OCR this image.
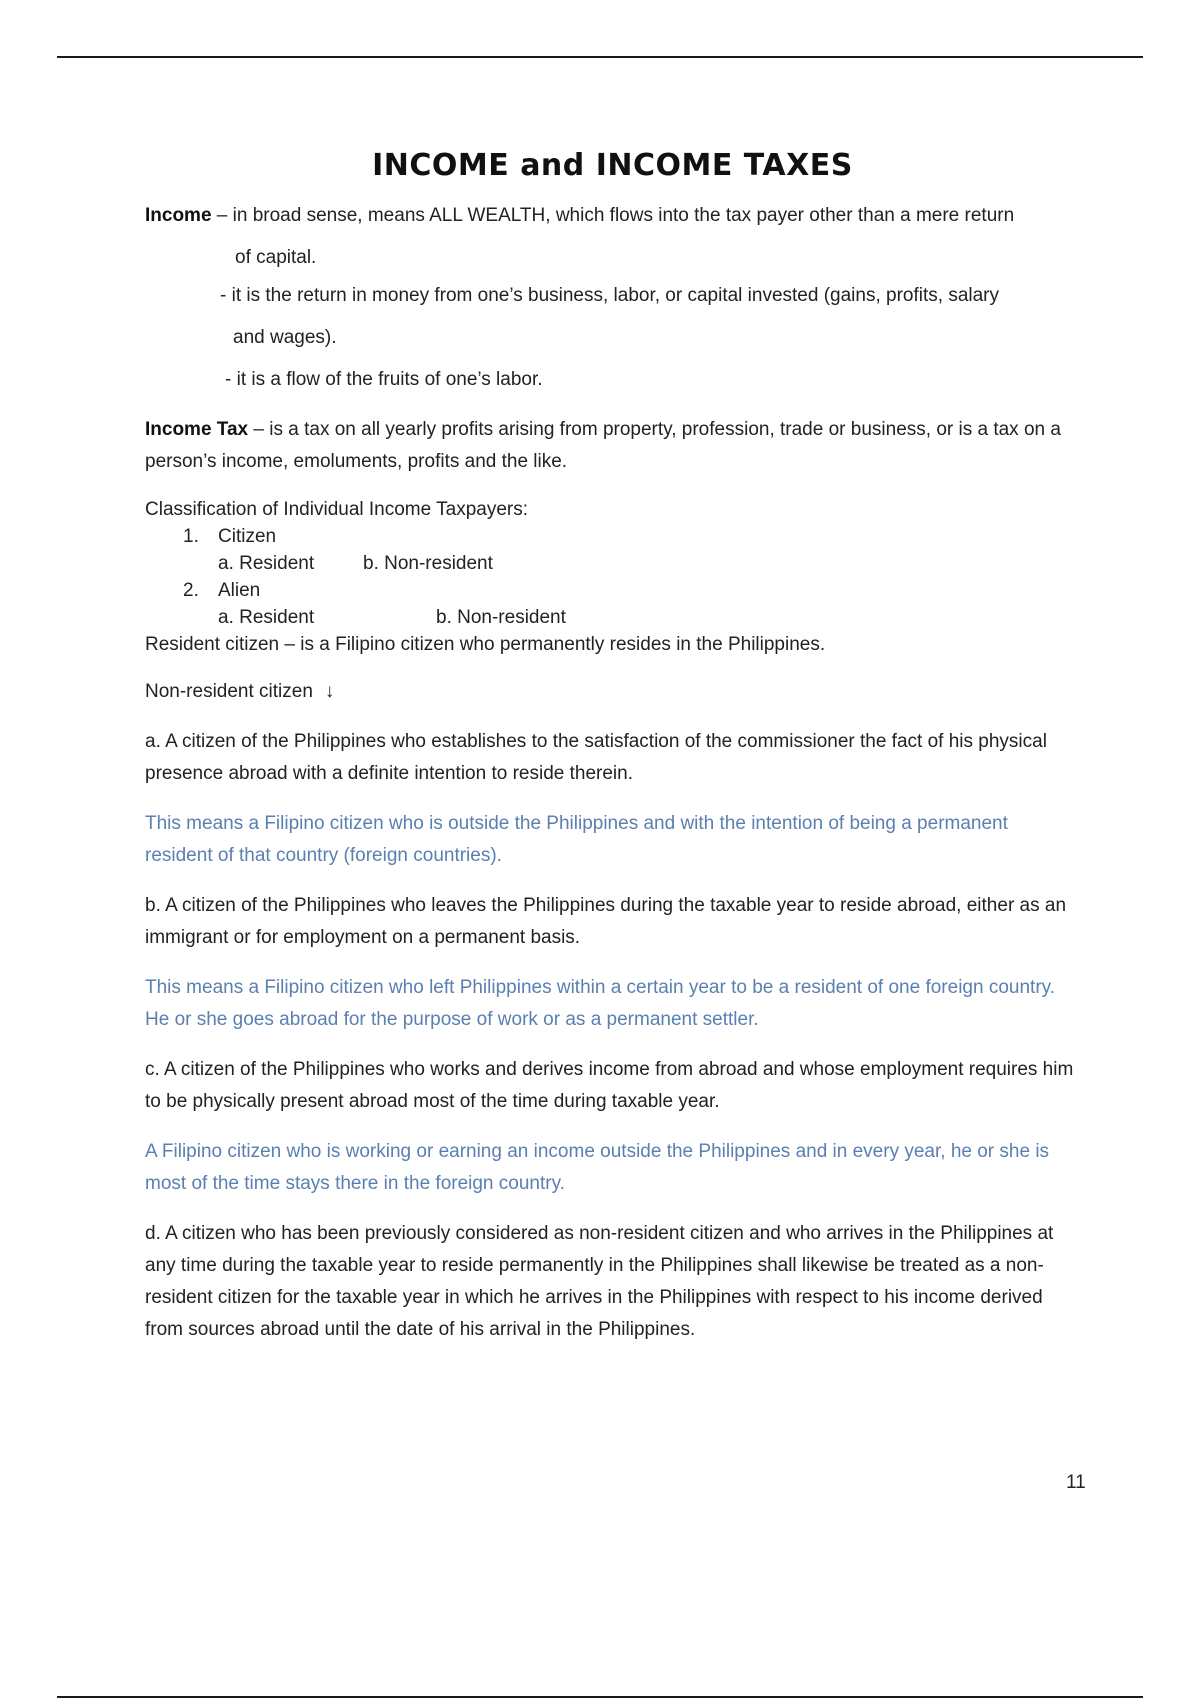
INCOME and INCOME TAXES

Income – in broad sense, means ALL WEALTH, which flows into the tax payer other than a mere return

of capital.

- it is the return in money from one’s business, labor, or capital invested (gains, profits, salary

and wages).

- it is a flow of the fruits of one’s labor.

Income Tax – is a tax on all yearly profits arising from property, profession, trade or business, or is a tax on a person’s income, emoluments, profits and the like.

Classification of Individual Income Taxpayers:

1. Citizen

a. Resident	b. Non-resident

2. Alien

a. Resident	b. Non-resident

Resident citizen – is a Filipino citizen who permanently resides in the Philippines.

Non-resident citizen ↓

a. A citizen of the Philippines who establishes to the satisfaction of the commissioner the fact of his physical presence abroad with a definite intention to reside therein.

This means a Filipino citizen who is outside the Philippines and with the intention of being a permanent resident of that country (foreign countries).

b. A citizen of the Philippines who leaves the Philippines during the taxable year to reside abroad, either as an immigrant or for employment on a permanent basis.

This means a Filipino citizen who left Philippines within a certain year to be a resident of one foreign country. He or she goes abroad for the purpose of work or as a permanent settler.

c. A citizen of the Philippines who works and derives income from abroad and whose employment requires him to be physically present abroad most of the time during taxable year.

A Filipino citizen who is working or earning an income outside the Philippines and in every year, he or she is most of the time stays there in the foreign country.

d. A citizen who has been previously considered as non-resident citizen and who arrives in the Philippines at any time during the taxable year to reside permanently in the Philippines shall likewise be treated as a non-resident citizen for the taxable year in which he arrives in the Philippines with respect to his income derived from sources abroad until the date of his arrival in the Philippines.

11
